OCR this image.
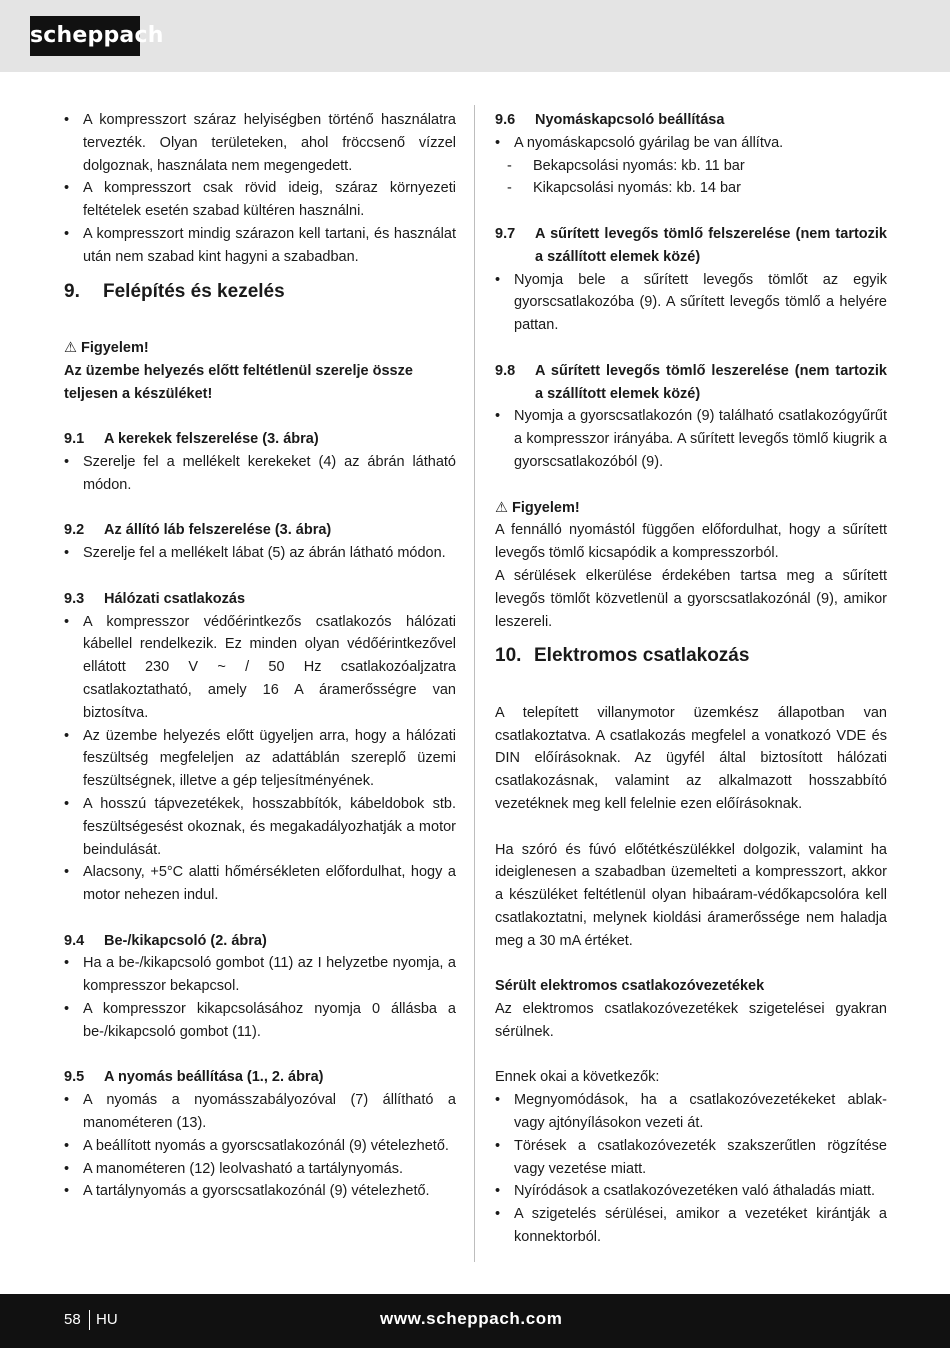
scheppach

• A kompresszort száraz helyiségben történő használatra tervezték. Olyan területeken, ahol fröccsenő vízzel dolgoznak, használata nem megengedett.

• A kompresszort csak rövid ideig, száraz környezeti feltételek esetén szabad kültéren használni.

• A kompresszort mindig szárazon kell tartani, és használat után nem szabad kint hagyni a szabadban.

9. Felépítés és kezelés

⚠ Figyelem!

Az üzembe helyezés előtt feltétlenül szerelje össze teljesen a készüléket!

9.1 A kerekek felszerelése (3. ábra)

• Szerelje fel a mellékelt kerekeket (4) az ábrán látható módon.

9.2 Az állító láb felszerelése (3. ábra)

• Szerelje fel a mellékelt lábat (5) az ábrán látható módon.

9.3 Hálózati csatlakozás

• A kompresszor védőérintkezős csatlakozós hálózati kábellel rendelkezik. Ez minden olyan védőérintkezővel ellátott 230 V ~ / 50 Hz csatlakozóaljzatra csatlakoztatható, amely 16 A áramerősségre van biztosítva.

• Az üzembe helyezés előtt ügyeljen arra, hogy a hálózati feszültség megfeleljen az adattáblán szereplő üzemi feszültségnek, illetve a gép teljesítményének.

• A hosszú tápvezetékek, hosszabbítók, kábeldobok stb. feszültségesést okoznak, és megakadályozhatják a motor beindulását.

• Alacsony, +5°C alatti hőmérsékleten előfordulhat, hogy a motor nehezen indul.

9.4 Be-/kikapcsoló (2. ábra)

• Ha a be-/kikapcsoló gombot (11) az I helyzetbe nyomja, a kompresszor bekapcsol.

• A kompresszor kikapcsolásához nyomja 0 állásba a be-/kikapcsoló gombot (11).

9.5 A nyomás beállítása (1., 2. ábra)

• A nyomás a nyomásszabályozóval (7) állítható a manométeren (13).

• A beállított nyomás a gyorscsatlakozónál (9) vételezhető.

• A manométeren (12) leolvasható a tartálynyomás.

• A tartálynyomás a gyorscsatlakozónál (9) vételezhető.

9.6 Nyomáskapcsoló beállítása

• A nyomáskapcsoló gyárilag be van állítva.

- Bekapcsolási nyomás: kb. 11 bar

- Kikapcsolási nyomás: kb. 14 bar

9.7 A sűrített levegős tömlő felszerelése (nem tartozik a szállított elemek közé)

• Nyomja bele a sűrített levegős tömlőt az egyik gyorscsatlakozóba (9). A sűrített levegős tömlő a helyére pattan.

9.8 A sűrített levegős tömlő leszerelése (nem tartozik a szállított elemek közé)

• Nyomja a gyorscsatlakozón (9) található csatlakozógyűrűt a kompresszor irányába. A sűrített levegős tömlő kiugrik a gyorscsatlakozóból (9).

⚠ Figyelem!

A fennálló nyomástól függően előfordulhat, hogy a sűrített levegős tömlő kicsapódik a kompresszorból.

A sérülések elkerülése érdekében tartsa meg a sűrített levegős tömlőt közvetlenül a gyorscsatlakozónál (9), amikor leszereli.

10. Elektromos csatlakozás

A telepített villanymotor üzemkész állapotban van csatlakoztatva. A csatlakozás megfelel a vonatkozó VDE és DIN előírásoknak. Az ügyfél által biztosított hálózati csatlakozásnak, valamint az alkalmazott hosszabbító vezetéknek meg kell felelnie ezen előírásoknak.

Ha szóró és fúvó előtétkészülékkel dolgozik, valamint ha ideiglenesen a szabadban üzemelteti a kompresszort, akkor a készüléket feltétlenül olyan hibaáram-védőkapcsolóra kell csatlakoztatni, melynek kioldási áramerőssége nem haladja meg a 30 mA értéket.

Sérült elektromos csatlakozóvezetékek

Az elektromos csatlakozóvezetékek szigetelései gyakran sérülnek.

Ennek okai a következők:

• Megnyomódások, ha a csatlakozóvezetékeket ablak- vagy ajtónyílásokon vezeti át.

• Törések a csatlakozóvezeték szakszerűtlen rögzítése vagy vezetése miatt.

• Nyíródások a csatlakozóvezetéken való áthaladás miatt.

• A szigetelés sérülései, amikor a vezetéket kirántják a konnektorból.

58 HU	www.scheppach.com
